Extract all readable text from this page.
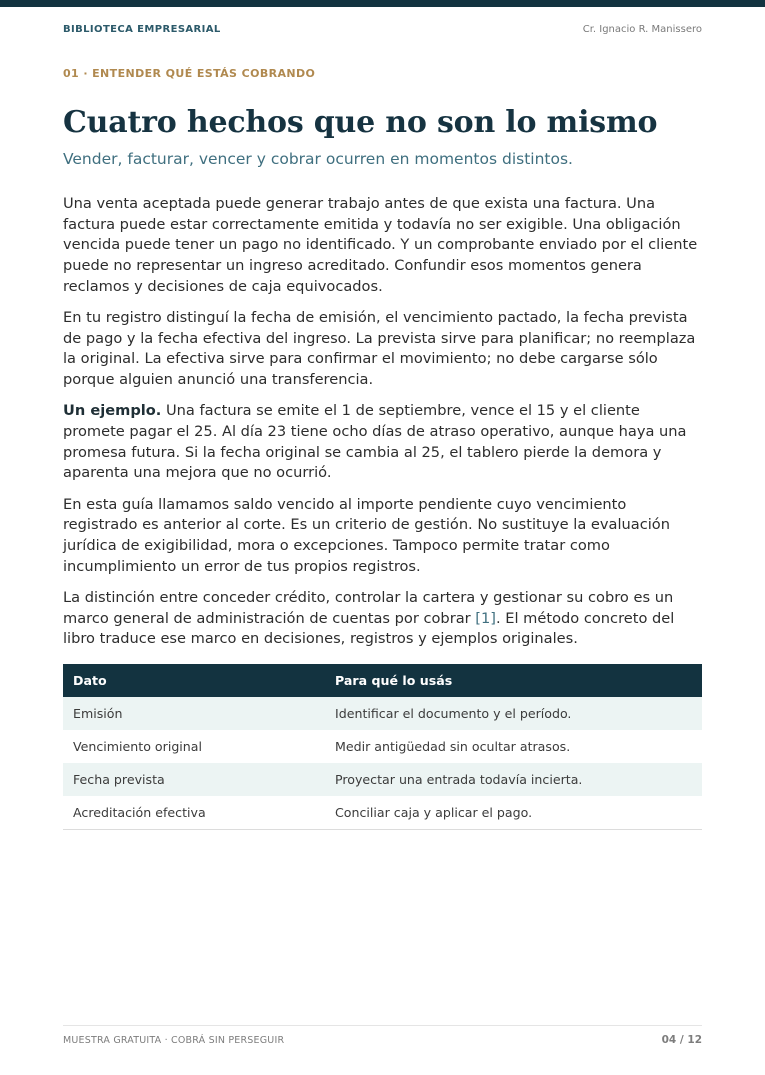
BIBLIOTECA EMPRESARIAL	Cr. Ignacio R. Manissero
01 · ENTENDER QUÉ ESTÁS COBRANDO
Cuatro hechos que no son lo mismo
Vender, facturar, vencer y cobrar ocurren en momentos distintos.

Una venta aceptada puede generar trabajo antes de que exista una factura. Una factura puede estar correctamente emitida y todavía no ser exigible. Una obligación vencida puede tener un pago no identificado. Y un comprobante enviado por el cliente puede no representar un ingreso acreditado. Confundir esos momentos genera reclamos y decisiones de caja equivocados.

En tu registro distinguí la fecha de emisión, el vencimiento pactado, la fecha prevista de pago y la fecha efectiva del ingreso. La prevista sirve para planificar; no reemplaza la original. La efectiva sirve para confirmar el movimiento; no debe cargarse sólo porque alguien anunció una transferencia.

Un ejemplo. Una factura se emite el 1 de septiembre, vence el 15 y el cliente promete pagar el 25. Al día 23 tiene ocho días de atraso operativo, aunque haya una promesa futura. Si la fecha original se cambia al 25, el tablero pierde la demora y aparenta una mejora que no ocurrió.

En esta guía llamamos saldo vencido al importe pendiente cuyo vencimiento registrado es anterior al corte. Es un criterio de gestión. No sustituye la evaluación jurídica de exigibilidad, mora o excepciones. Tampoco permite tratar como incumplimiento un error de tus propios registros.

La distinción entre conceder crédito, controlar la cartera y gestionar su cobro es un marco general de administración de cuentas por cobrar [1]. El método concreto del libro traduce ese marco en decisiones, registros y ejemplos originales.

Dato	Para qué lo usás
Emisión	Identificar el documento y el período.
Vencimiento original	Medir antigüedad sin ocultar atrasos.
Fecha prevista	Proyectar una entrada todavía incierta.
Acreditación efectiva	Conciliar caja y aplicar el pago.
MUESTRA GRATUITA · COBRÁ SIN PERSEGUIR	04 / 12
